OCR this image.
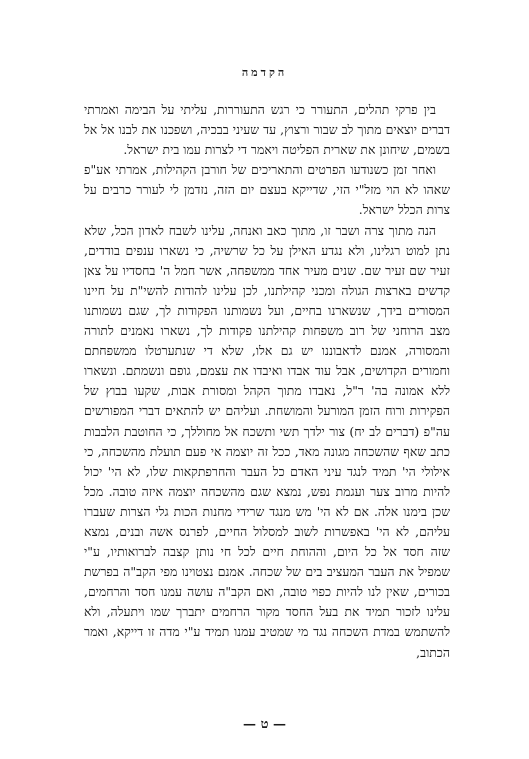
הקדמה

בין פרקי תהלים, התעורר כי רגש התעוררות, עליתי על הבימה ואמרתי דברים יוצאים מתוך לב שבור ורצוץ, עד שעיני בבכיה, ושפכנו את לבנו אל אל בשמים, שיחונן את שארית הפליטה ויאמר די לצרות עמו בית ישראל.

ואחר זמן כשנודעו הפרטים והתאריכים של חורבן הקהילות, אמרתי אע"פ שאהו לא הוי מזל"י הזי, שדייקא בעצם יום הזה, נזדמן לי לעורר כרבים על צרות הכלל ישראל.

הנה מתוך צרה ושבר זו, מתוך כאב ואנחה, עלינו לשבח לאדון הכל, שלא נתן למוט רגלינו, ולא נגדע האילן על כל שרשיה, כי נשארו ענפים בודדים, זעיר שם זעיר שם. שנים מעיר אחד ממשפחה, אשר חמל ה' בחסדיו על צאן קדשים בארצות הגולה ומכני קהילתנו, לכן עלינו להודות להשי"ת על חיינו המסורים בידך, שנשארנו בחיים, ועל נשמותנו הפקודות לך, שגם נשמותנו מצב הרוחני של רוב משפחות קהילתנו פקודות לך, נשארו נאמנים לתורה והמסורה, אמנם לדאבוננו יש גם אלו, שלא די שנתערטלו ממשפחתם וחמורים הקדושים, אבל עוד אבדו ואיבדו את עצמם, גופם ונשמתם. ונשארו ללא אמונה בה' ר"ל, נאבדו מתוך הקהל ומסורת אבות, שקעו בבוץ של הפקירות ורוח הזמן המורעל והמושחת. ועליהם יש להתאים דברי המפורשים עה"פ (דברים לב יח) צור ילדך תשי ותשכח אל מחוללך, כי החוטבת הלבבות כתב שאף שהשכחה מגונה מאד, ככל זה יוצמה אי פעם תועלת מהשכחה, כי אילולי הי' תמיד לנגד עיני האדם כל העבר והחרפתקאות שלו, לא הי' יכול להיות מרוב צער ועגמת נפש, נמצא שגם מהשכחה יוצמה איזה טובה. מכל שכן בימנו אלה. אם לא הי' מש מנגד שרידי מחנות הכות גלי הצרות שעברו עליהם, לא הי' באפשרות לשוב למסלול החיים, לפרנס אשה ובנים, נמצא שזה חסד אל כל היום, וההוחת חיים לכל חי נותן קצבה לברואותיו, ע"י שמפיל את העבר המעציב בים של שכחה. אמנם נצטוינו מפי הקב"ה בפרשת בכורים, שאין לנו להיות כפוי טובה, ואם הקב"ה עושה עמנו חסד והרחמים, עלינו לזכור תמיד את בעל החסד מקור הרחמים יתברך שמו ויתעלה, ולא להשתמש במדת השכחה נגד מי שמטיב עמנו תמיד ע"י מדה זו דייקא, ואמר הכתוב,

— ט —
